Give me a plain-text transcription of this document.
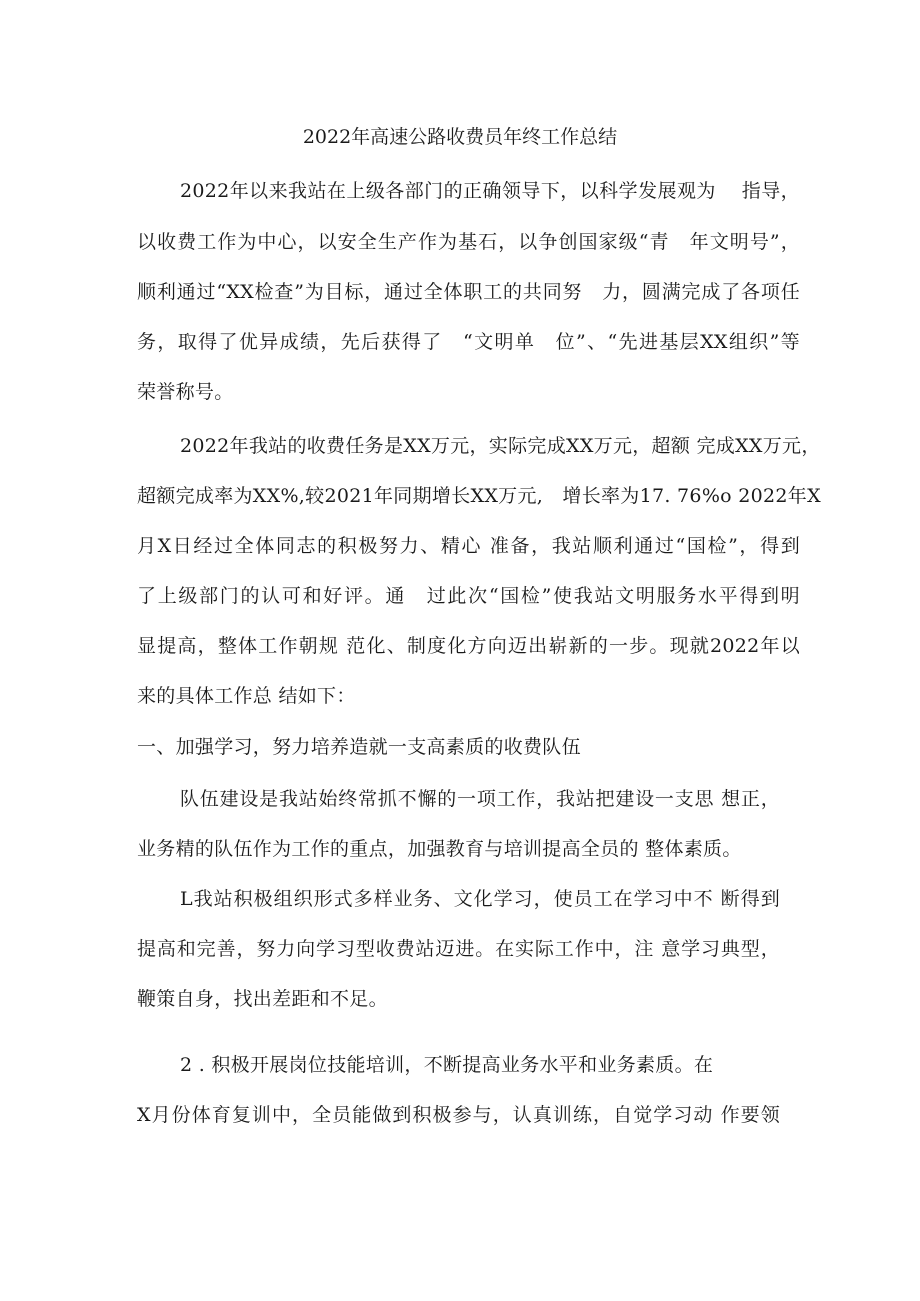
2022年高速公路收费员年终工作总结
2022年以来我站在上级各部门的正确领导下，以科学发展观为　 指导，
以收费工作为中心，以安全生产作为基石，以争创国家级“青　年文明号”，
顺利通过“XX检查”为目标，通过全体职工的共同努　力，圆满完成了各项任
务，取得了优异成绩，先后获得了　“文明单　位”、“先进基层XX组织”等
荣誉称号。
2022年我站的收费任务是XX万元，实际完成XX万元，超额 完成XX万元，
超额完成率为XX%,较2021年同期增长XX万元,　增长率为17. 76%o 2022年X
月X日经过全体同志的积极努力、精心 准备，我站顺利通过“国检”，得到
了上级部门的认可和好评。通　过此次“国检”使我站文明服务水平得到明
显提高，整体工作朝规 范化、制度化方向迈出崭新的一步。现就2022年以
来的具体工作总 结如下：
一、加强学习，努力培养造就一支高素质的收费队伍
队伍建设是我站始终常抓不懈的一项工作，我站把建设一支思 想正，
业务精的队伍作为工作的重点，加强教育与培训提高全员的 整体素质。
L我站积极组织形式多样业务、文化学习，使员工在学习中不 断得到
提高和完善，努力向学习型收费站迈进。在实际工作中，注 意学习典型，
鞭策自身，找出差距和不足。
2 . 积极开展岗位技能培训，不断提高业务水平和业务素质。在
X月份体育复训中，全员能做到积极参与，认真训练，自觉学习动 作要领
